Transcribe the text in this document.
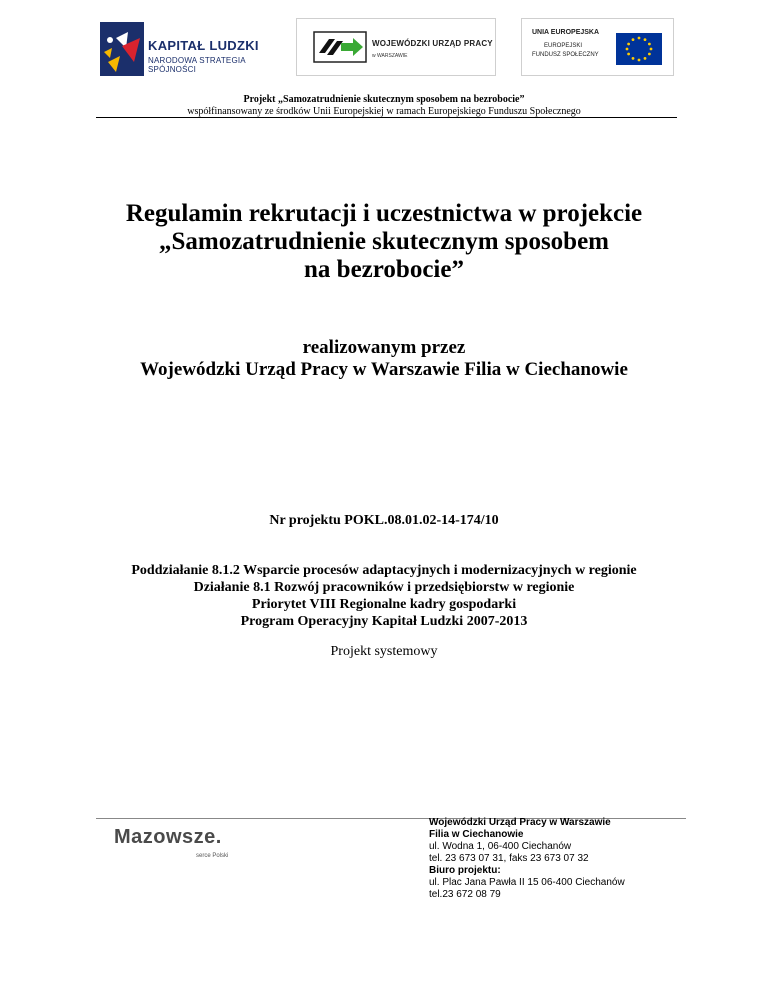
KAPITAŁ LUDZKI
NARODOWA STRATEGIA SPÓJNOŚCI
WOJEWÓDZKI URZĄD PRACY
w WARSZAWIE
UNIA EUROPEJSKA
EUROPEJSKI
FUNDUSZ SPOŁECZNY
Projekt „Samozatrudnienie skutecznym sposobem na bezrobocie”
współfinansowany ze środków Unii Europejskiej w ramach Europejskiego Funduszu Społecznego
Regulamin rekrutacji i uczestnictwa w projekcie
„Samozatrudnienie skutecznym sposobem
na bezrobocie”
realizowanym przez
Wojewódzki Urząd Pracy w Warszawie Filia w Ciechanowie
Nr projektu POKL.08.01.02-14-174/10
Poddziałanie 8.1.2 Wsparcie procesów adaptacyjnych i modernizacyjnych w regionie
Działanie 8.1 Rozwój pracowników i przedsiębiorstw w regionie
Priorytet VIII Regionalne kadry gospodarki
Program Operacyjny Kapitał Ludzki 2007-2013
Projekt systemowy
Mazowsze.
serce Polski
Wojewódzki Urząd Pracy w Warszawie
Filia w Ciechanowie
ul. Wodna 1, 06-400 Ciechanów
tel. 23 673 07 31, faks 23 673 07 32
Biuro projektu:
ul. Plac Jana Pawła II 15 06-400 Ciechanów
tel.23 672 08 79
